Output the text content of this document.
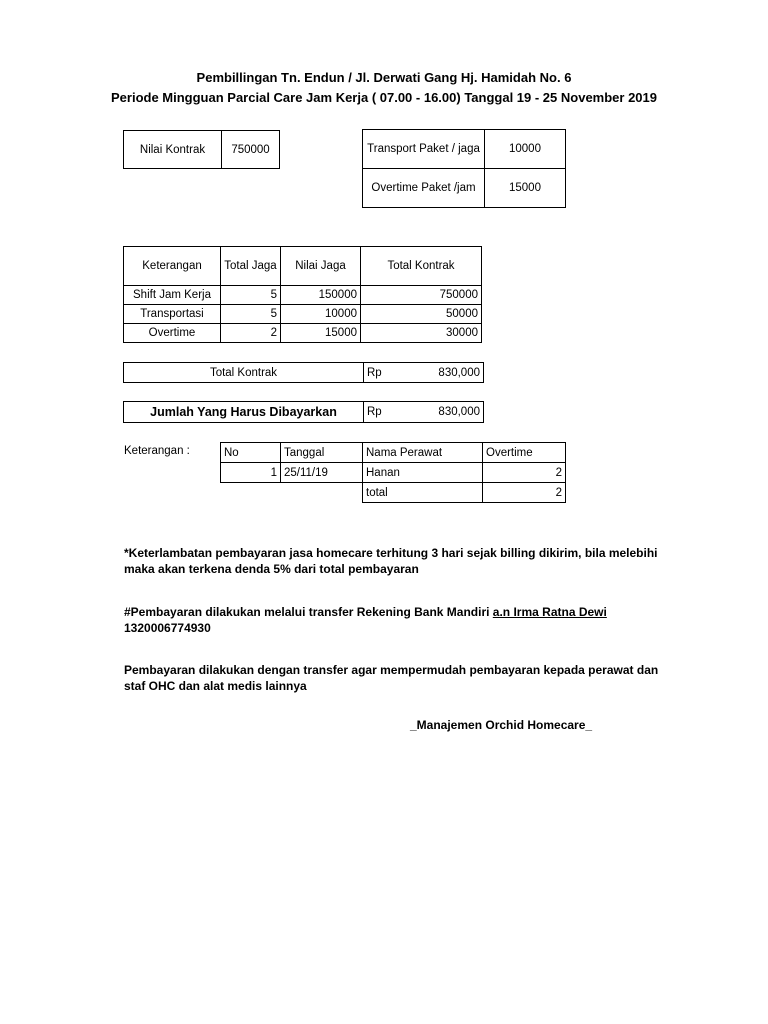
Pembillingan Tn. Endun / Jl. Derwati Gang Hj. Hamidah No. 6
Periode Mingguan Parcial Care Jam Kerja ( 07.00 - 16.00) Tanggal 19 - 25 November 2019
Nilai Kontrak	750000	Transport Paket / jaga	10000
Overtime Paket /jam	15000
Keterangan	Total Jaga	Nilai Jaga	Total Kontrak
Shift Jam Kerja	5	150000	750000
Transportasi	5	10000	50000
Overtime	2	15000	30000
Total Kontrak	Rp	830,000
Jumlah Yang Harus Dibayarkan	Rp	830,000
Keterangan :	No	Tanggal	Nama Perawat	Overtime
1	25/11/19	Hanan	2
		total	2
*Keterlambatan pembayaran jasa homecare terhitung 3 hari sejak billing dikirim, bila melebihi maka akan terkena denda 5% dari total pembayaran
#Pembayaran dilakukan melalui transfer Rekening Bank Mandiri a.n Irma Ratna Dewi
1320006774930
Pembayaran dilakukan dengan transfer agar mempermudah pembayaran kepada perawat dan staf OHC dan alat medis lainnya
_Manajemen Orchid Homecare_
